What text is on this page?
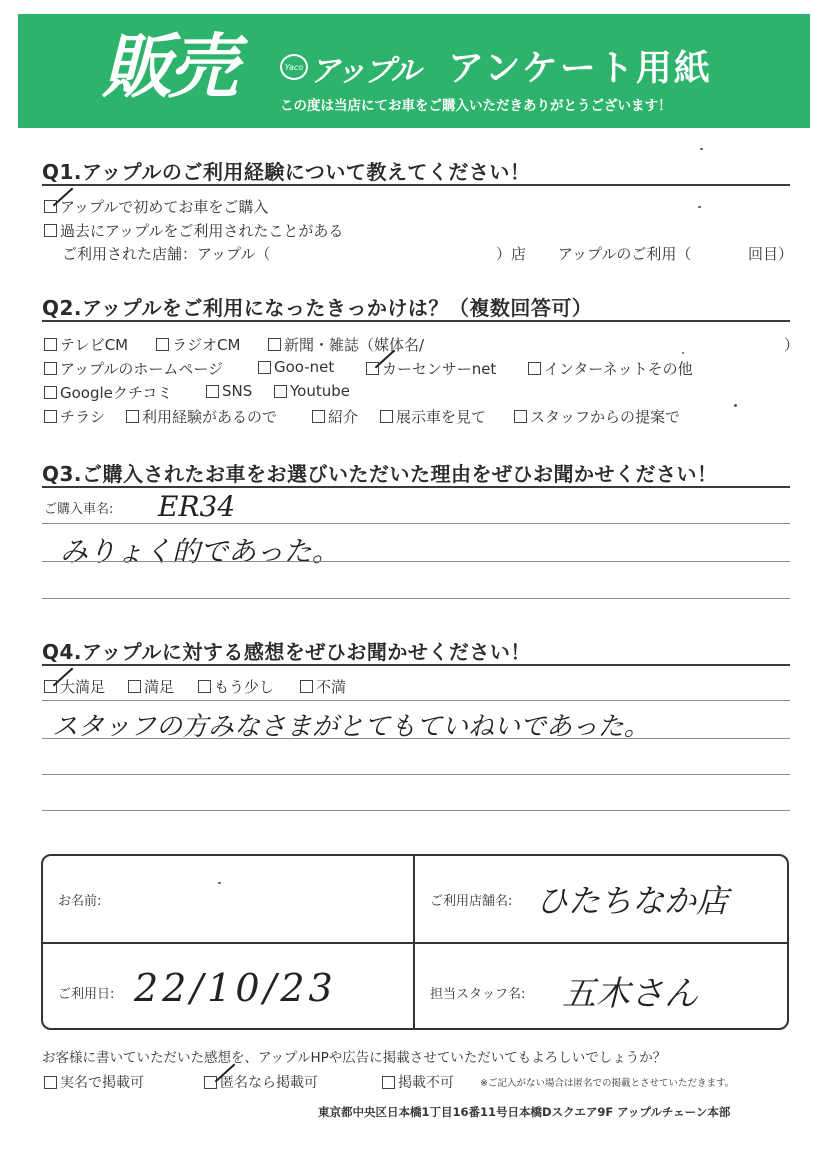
販売	Yaco アップル アンケート用紙
この度は当店にてお車をご購入いただきありがとうございます！
Q1.アップルのご利用経験について教えてください！
アップルで初めてお車をご購入
過去にアップルをご利用されたことがある
ご利用された店舗：アップル（	）店 アップルのご利用（	回目）
Q2.アップルをご利用になったきっかけは？（複数回答可）
テレビCM	ラジオCM	新聞・雑誌（媒体名/	）
アップルのホームページ	Goo-net	カーセンサーnet	インターネットその他
Googleクチコミ	SNS	Youtube
チラシ 利用経験があるので	紹介	展示車を見て	スタッフからの提案で
Q3.ご購入されたお車をお選びいただいた理由をぜひお聞かせください！
ご購入車名: ER34
みりょく的であった。
Q4.アップルに対する感想をぜひお聞かせください！
大満足	満足	もう少し	不満
スタッフの方みなさまがとてもていねいであった。
お名前:	ご利用店舗名: ひたちなか店
ご利用日: 22/10/23	担当スタッフ名: 五木さん
お客様に書いていただいた感想を、アップルHPや広告に掲載させていただいてもよろしいでしょうか？
実名で掲載可	匿名なら掲載可	掲載不可	※ご記入がない場合は匿名での掲載とさせていただきます。
東京都中央区日本橋1丁目16番11号日本橋Dスクエア9F アップルチェーン本部
